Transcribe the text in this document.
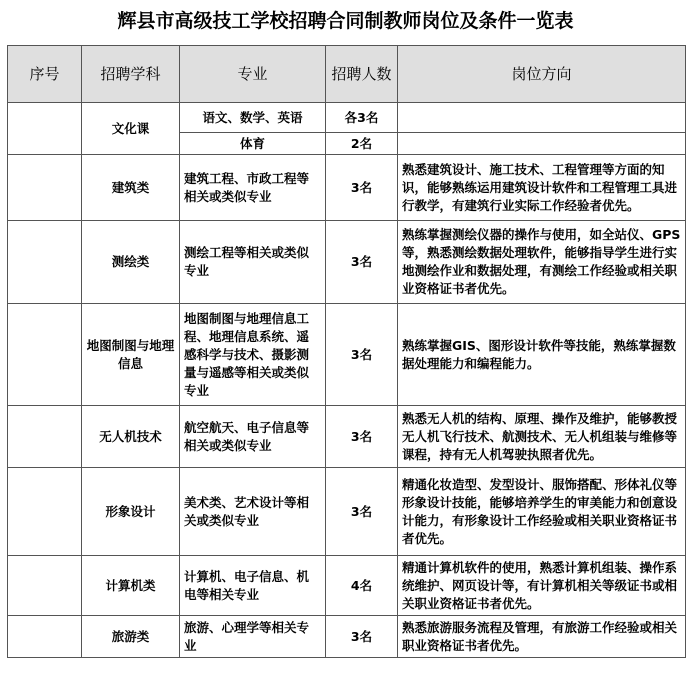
辉县市高级技工学校招聘合同制教师岗位及条件一览表
序号	招聘学科	专业	招聘人数	岗位方向
	文化课	语文、数学、英语	各3名	
		体育	2名	
	建筑类	建筑工程、市政工程等相关或类似专业	3名	熟悉建筑设计、施工技术、工程管理等方面的知识，能够熟练运用建筑设计软件和工程管理工具进行教学，有建筑行业实际工作经验者优先。
	测绘类	测绘工程等相关或类似专业	3名	熟练掌握测绘仪器的操作与使用，如全站仪、GPS等，熟悉测绘数据处理软件，能够指导学生进行实地测绘作业和数据处理，有测绘工作经验或相关职业资格证书者优先。
	地图制图与地理信息	地图制图与地理信息工程、地理信息系统、遥感科学与技术、摄影测量与遥感等相关或类似专业	3名	熟练掌握GIS、图形设计软件等技能，熟练掌握数据处理能力和编程能力。
	无人机技术	航空航天、电子信息等相关或类似专业	3名	熟悉无人机的结构、原理、操作及维护，能够教授无人机飞行技术、航测技术、无人机组装与维修等课程，持有无人机驾驶执照者优先。
	形象设计	美术类、艺术设计等相关或类似专业	3名	精通化妆造型、发型设计、服饰搭配、形体礼仪等形象设计技能，能够培养学生的审美能力和创意设计能力，有形象设计工作经验或相关职业资格证书者优先。
	计算机类	计算机、电子信息、机电等相关专业	4名	精通计算机软件的使用，熟悉计算机组装、操作系统维护、网页设计等，有计算机相关等级证书或相关职业资格证书者优先。
	旅游类	旅游、心理学等相关专业	3名	熟悉旅游服务流程及管理，有旅游工作经验或相关职业资格证书者优先。
